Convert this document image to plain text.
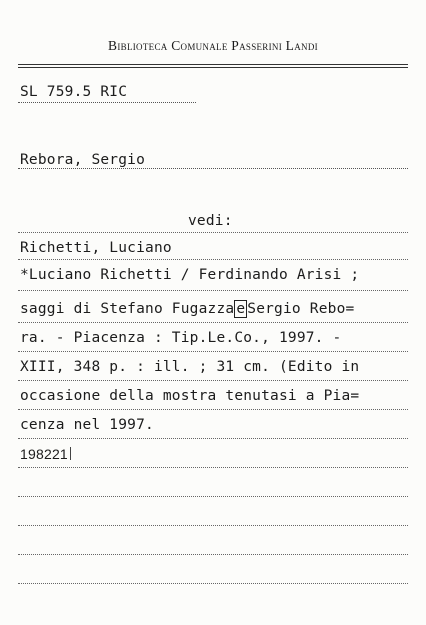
Biblioteca Comunale Passerini Landi
SL 759.5 RIC
Rebora, Sergio
vedi:
Richetti, Luciano
*Luciano Richetti / Ferdinando Arisi ;
saggi di Stefano Fugazza e Sergio Rebo=
ra. - Piacenza : Tip.Le.Co., 1997. -
XIII, 348 p. : ill. ; 31 cm. (Edito in
occasione della mostra tenutasi a Pia=
cenza nel 1997.
198221
